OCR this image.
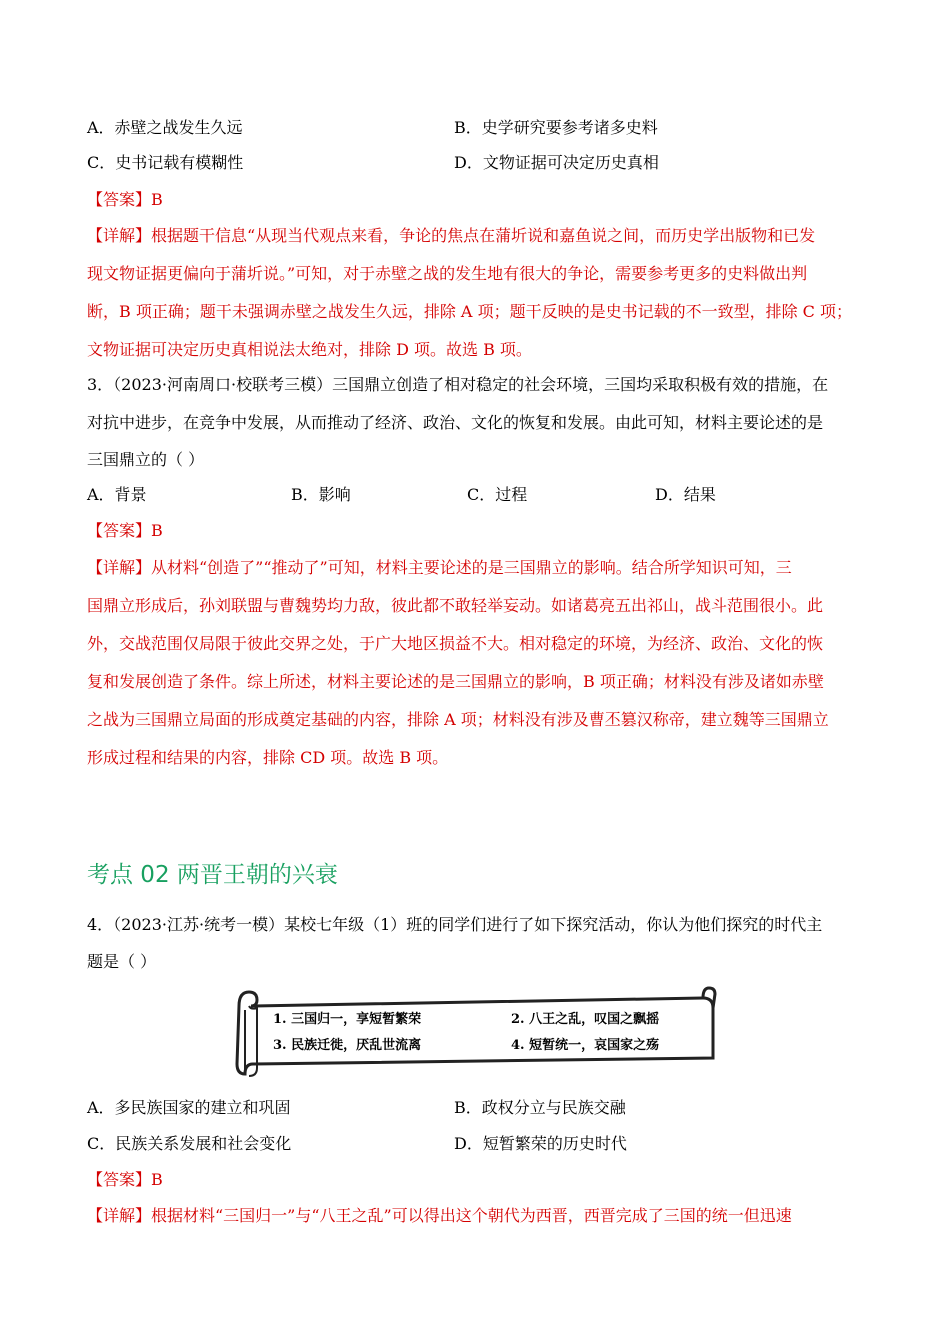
A．赤壁之战发生久远	B．史学研究要参考诸多史料
C．史书记载有模糊性	D．文物证据可决定历史真相
【答案】B
【详解】根据题干信息“从现当代观点来看，争论的焦点在蒲圻说和嘉鱼说之间，而历史学出版物和已发
现文物证据更偏向于蒲圻说。”可知，对于赤壁之战的发生地有很大的争论，需要参考更多的史料做出判
断，B 项正确；题干未强调赤壁之战发生久远，排除 A 项；题干反映的是史书记载的不一致型，排除 C 项；
文物证据可决定历史真相说法太绝对，排除 D 项。故选 B 项。
3．（2023·河南周口·校联考三模）三国鼎立创造了相对稳定的社会环境，三国均采取积极有效的措施，在
对抗中进步，在竞争中发展，从而推动了经济、政治、文化的恢复和发展。由此可知，材料主要论述的是
三国鼎立的（ ）
A．背景	B．影响	C．过程	D．结果
【答案】B
【详解】从材料“创造了”“推动了”可知，材料主要论述的是三国鼎立的影响。结合所学知识可知，三
国鼎立形成后，孙刘联盟与曹魏势均力敌，彼此都不敢轻举妄动。如诸葛亮五出祁山，战斗范围很小。此
外，交战范围仅局限于彼此交界之处，于广大地区损益不大。相对稳定的环境，为经济、政治、文化的恢
复和发展创造了条件。综上所述，材料主要论述的是三国鼎立的影响，B 项正确；材料没有涉及诸如赤壁
之战为三国鼎立局面的形成奠定基础的内容，排除 A 项；材料没有涉及曹丕篡汉称帝，建立魏等三国鼎立
形成过程和结果的内容，排除 CD 项。故选 B 项。
考点 02 两晋王朝的兴衰
4．（2023·江苏·统考一模）某校七年级（1）班的同学们进行了如下探究活动，你认为他们探究的时代主
题是（ ）
1. 三国归一，享短暂繁荣	2. 八王之乱，叹国之飘摇
3. 民族迁徙，厌乱世流离	4. 短暂统一，哀国家之殇
A．多民族国家的建立和巩固	B．政权分立与民族交融
C．民族关系发展和社会变化	D．短暂繁荣的历史时代
【答案】B
【详解】根据材料“三国归一”与“八王之乱”可以得出这个朝代为西晋，西晋完成了三国的统一但迅速
